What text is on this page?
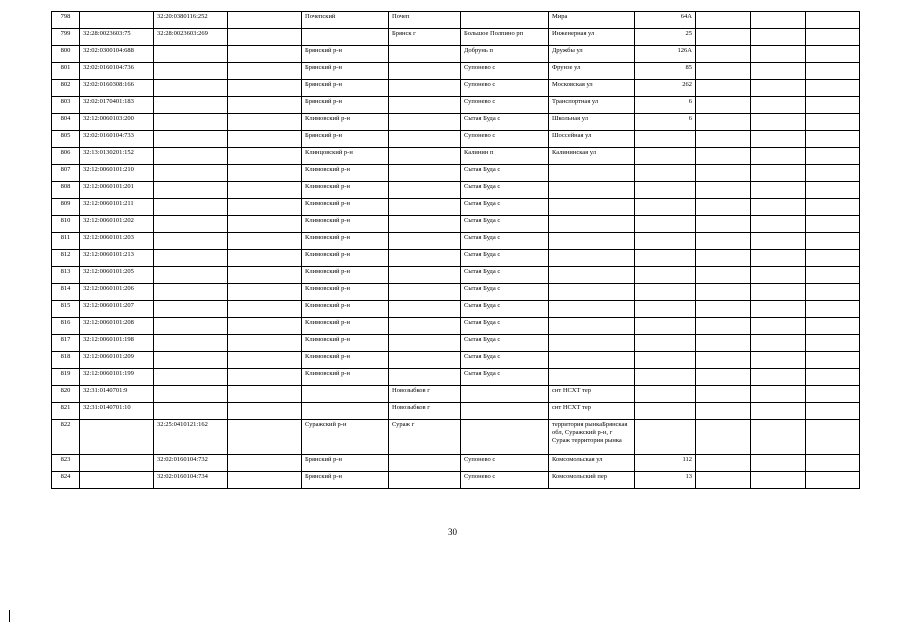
798		32:20:0380116:252		Почепский	Почеп		Мира	64А			
799	32:28:0023603:75	32:28:0023603:269			Брянск г	Большое Полпино рп	Инженерная ул	25			
800	32:02:0300104:688			Брянский р-н		Добрунь п	Дружбы ул	126А			
801	32:02:0160104:736			Брянский р-н		Супонево с	Фрунзе ул	85			
802	32:02:0160308:166			Брянский р-н		Супонево с	Московская ул	262			
803	32:02:0170401:183			Брянский р-н		Супонево с	Транспортная ул	6			
804	32:12:0060103:200			Климовский р-н		Сытая Буда с	Школьная ул	6			
805	32:02:0160104:733			Брянский р-н		Супонево с	Шоссейная ул				
806	32:13:0130201:152			Клинцовский р-н		Калинин п	Калининская ул				
807	32:12:0060101:210			Климовский р-н		Сытая Буда с					
808	32:12:0060101:201			Климовский р-н		Сытая Буда с					
809	32:12:0060101:211			Климовский р-н		Сытая Буда с					
810	32:12:0060101:202			Климовский р-н		Сытая Буда с					
811	32:12:0060101:203			Климовский р-н		Сытая Буда с					
812	32:12:0060101:213			Климовский р-н		Сытая Буда с					
813	32:12:0060101:205			Климовский р-н		Сытая Буда с					
814	32:12:0060101:206			Климовский р-н		Сытая Буда с					
815	32:12:0060101:207			Климовский р-н		Сытая Буда с					
816	32:12:0060101:208			Климовский р-н		Сытая Буда с					
817	32:12:0060101:198			Климовский р-н		Сытая Буда с					
818	32:12:0060101:209			Климовский р-н		Сытая Буда с					
819	32:12:0060101:199			Климовский р-н		Сытая Буда с					
820	32:31:0140701:9				Новозыбков г		снт НСХТ тер				
821	32:31:0140701:10				Новозыбков г		снт НСХТ тер				
822		32:25:0410121:162		Суражский р-н	Сураж г		территория рынкаБрянская обл, Суражский р-н, г Сураж территория рынка				
823		32:02:0160104:732		Брянский р-н		Супонево с	Комсомольская ул	112			
824		32:02:0160104:734		Брянский р-н		Супонево с	Комсомольский пер	13			
30
